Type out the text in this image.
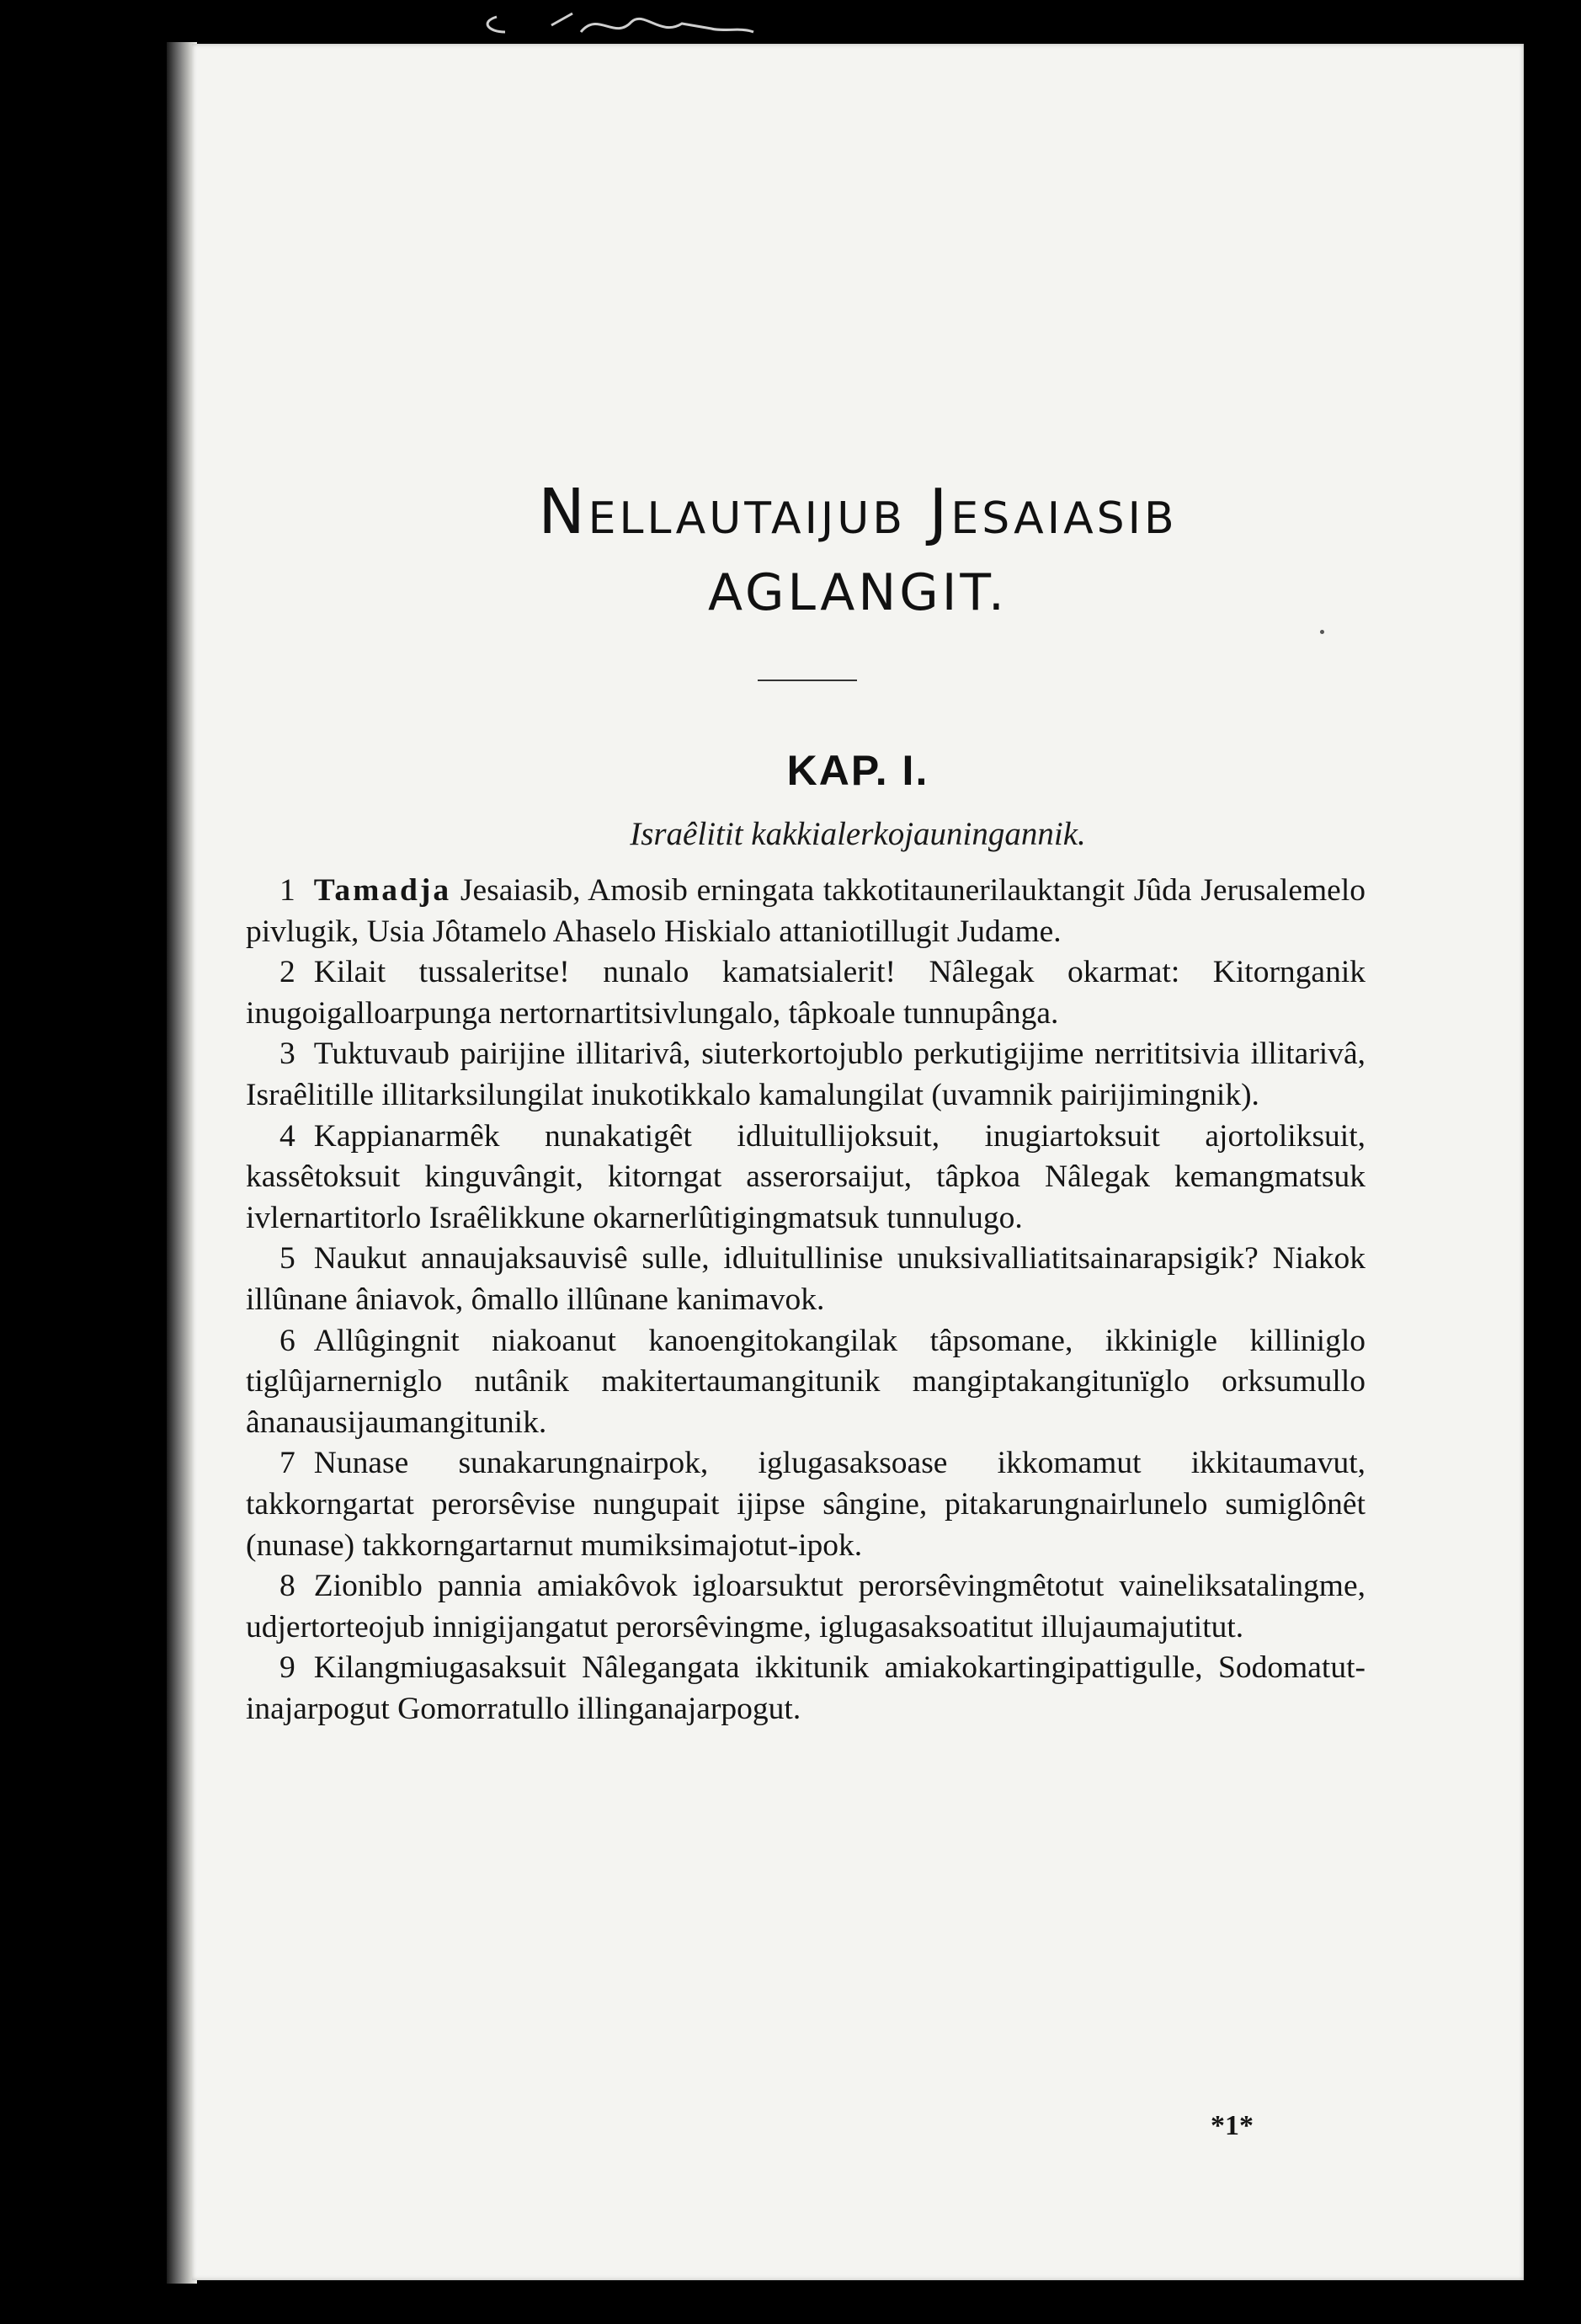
Nellautaijub Jesaiasib
AGLANGIT.
KAP. I.
Israêlitit kakkialerkojauningannik.

1 Tamadja Jesaiasib, Amosib erningata takkotitaunerilauktangit Jûda Jerusalemelo pivlugik, Usia Jôtamelo Ahaselo Hiskialo attaniotillugit Judame.

2 Kilait tussaleritse! nunalo kamatsialerit! Nâlegak okarmat: Kitornganik inugoigalloarpunga nertornartitsivlungalo, tâpkoale tunnupânga.

3 Tuktuvaub pairijine illitarivâ, siuterkortojublo perkutigijime nerrititsivia illitarivâ, Israêlitille illitarksilungilat inukotikkalo kamalungilat (uvamnik pairijimingnik).

4 Kappianarmêk nunakatigêt idluitullijoksuit, inugiartoksuit ajortoliksuit, kassêtoksuit kinguvângit, kitorngat asserorsaijut, tâpkoa Nâlegak kemangmatsuk ivlernartitorlo Israêlikkune okarnerlûtigingmatsuk tunnulugo.

5 Naukut annaujaksauvisê sulle, idluitullinise unuksivalliatitsainarapsigik? Niakok illûnane âniavok, ômallo illûnane kanimavok.

6 Allûgingnit niakoanut kanoengitokangilak tâpsomane, ikkinigle killiniglo tiglûjarnerniglo nutânik makitertaumangitunik mangiptakangitunïglo orksumullo ânanausijaumangitunik.

7 Nunase sunakarungnairpok, iglugasaksoase ikkomamut ikkitaumavut, takkorngartat perorsêvise nungupait ijipse sângine, pitakarungnairlunelo sumiglônêt (nunase) takkorngartarnut mumiksimajotut-ipok.

8 Zioniblo pannia amiakôvok igloarsuktut perorsêvingmêtotut vaineliksatalingme, udjertorteojub innigijangatut perorsêvingme, iglugasaksoatitut illujaumajutitut.

9 Kilangmiugasaksuit Nâlegangata ikkitunik amiakokartingipattigulle, Sodomatut-inajarpogut Gomorratullo illinganajarpogut.

*1*
